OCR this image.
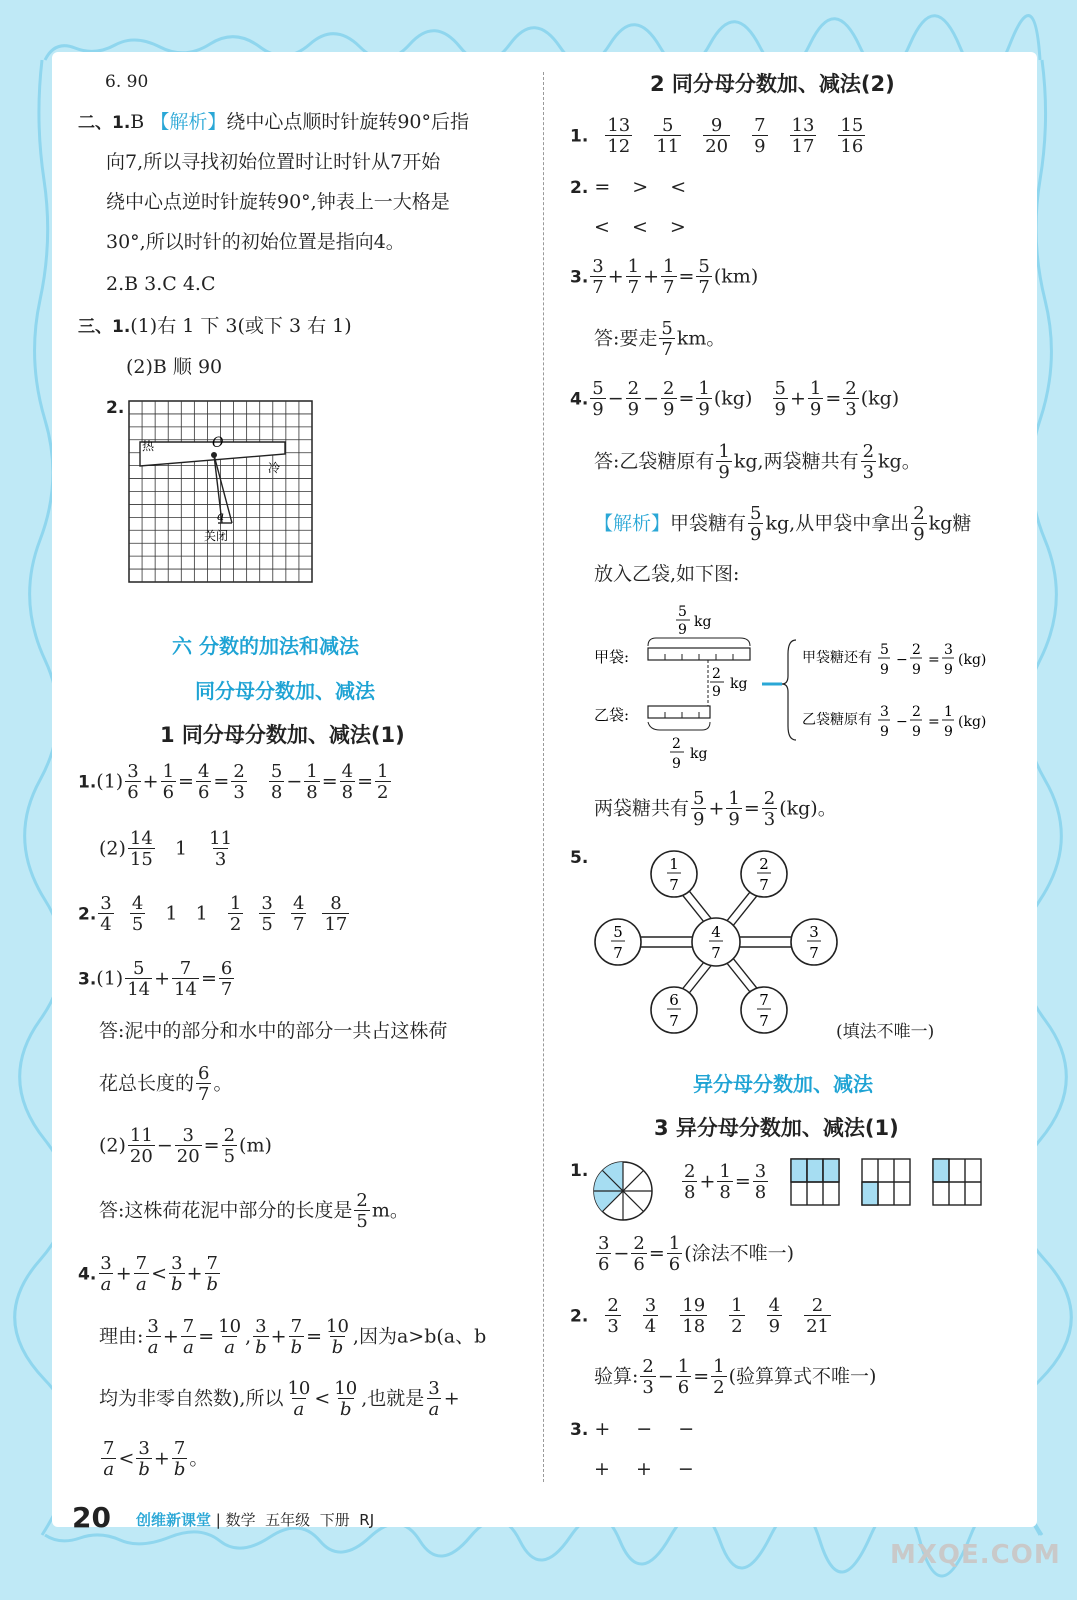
6. 90
二、1.B 【解析】绕中心点顺时针旋转90°后指
向7,所以寻找初始位置时让时针从7开始
绕中心点逆时针旋转90°,钟表上一大格是
30°,所以时针的初始位置是指向4。
2.B 3.C 4.C
三、1.(1)右 1 下 3(或下 3 右 1)
(2)B 顺 90
2.
热
冷
O
a
关闭
六 分数的加法和减法
同分母分数加、减法
1 同分母分数加、减法(1)
$1.(1) \frac{3}{6} + \frac{1}{6} = \frac{4}{6} = \frac{2}{3}$
$\frac{5}{8} - \frac{1}{8} = \frac{4}{8} = \frac{1}{2}$
$(2) \frac{14}{15} 1 \frac{11}{3}$
2. $\frac{3}{4}$
$\frac{4}{5} 1$   $1 \frac{1}{2}$
$\frac{3}{5}$
$\frac{4}{7}$
$\frac{8}{17}$
$3.(1) \frac{5}{14} + \frac{7}{14} = \frac{6}{7}$
答:泥中的部分和水中的部分一共占这株荷
花总长度的 $\frac{6}{7}$ 。
$(2) \frac{11}{20} - \frac{3}{20} = \frac{2}{5} (m)$
答:这株荷花泥中部分的长度是 $\frac{2}{5}$ m。
4. $\frac{3}{a} + \frac{7}{a} < \frac{3}{b} + \frac{7}{b}$
理由: $\frac{3}{a} + \frac{7}{a} = \frac{10}{a}$ , $\frac{3}{b} + \frac{7}{b} = \frac{10}{b}$ ,因为a>b(a、b
均为非零自然数),所以 $\frac{10}{a} < \frac{10}{b}$ ,也就是 $\frac{3}{a}$ +
$\frac{7}{a} < \frac{3}{b} + \frac{7}{b}$ 。
2 同分母分数加、减法(2)
1. $\frac{13}{12} \frac{5}{11} \frac{9}{20} \frac{7}{9} \frac{13}{17} \frac{15}{16}$
2. = > <
< < >
3. $\frac{3}{7} + \frac{1}{7} + \frac{1}{7} = \frac{5}{7} (km)$
答:要走 $\frac{5}{7}$ km。
4. $\frac{5}{9} - \frac{2}{9} - \frac{2}{9} = \frac{1}{9} (kg) \frac{5}{9} + \frac{1}{9} = \frac{2}{3} (kg)$
答:乙袋糖原有 $\frac{1}{9}$ kg,两袋糖共有 $\frac{2}{3}$ kg。
【解析】甲袋糖有 $\frac{5}{9}$ kg,从甲袋中拿出 $\frac{2}{9}$ kg糖
放入乙袋,如下图:
甲袋:
乙袋:
5
9 kg
2
9 kg
2
9
kg
甲袋糖还有
乙袋糖原有
5
9
−
2
9
=
3
9
(kg)
3
9
−
2
9
=
1
9
(kg)
两袋糖共有 $\frac{5}{9} + \frac{1}{9} = \frac{2}{3} (kg)$。
5.
4
7
1
7
2
7
5
7
3
7
6
7
7
7
(填法不唯一)
异分母分数加、减法
3 异分母分数加、减法(1)
1.	$\frac{2}{8} + \frac{1}{8} = \frac{3}{8}$
$\frac{3}{6} - \frac{2}{6} = \frac{1}{6}$ (涂法不唯一)
2. $\frac{2}{3} \frac{3}{4} \frac{19}{18} \frac{1}{2} \frac{4}{9} \frac{2}{21}$
验算: $\frac{2}{3} - \frac{1}{6} = \frac{1}{2}$ (验算算式不唯一)
3. + − −
+ + −
20 创维新课堂 | 数学 五年级 下册 RJ
MXQE.COM
